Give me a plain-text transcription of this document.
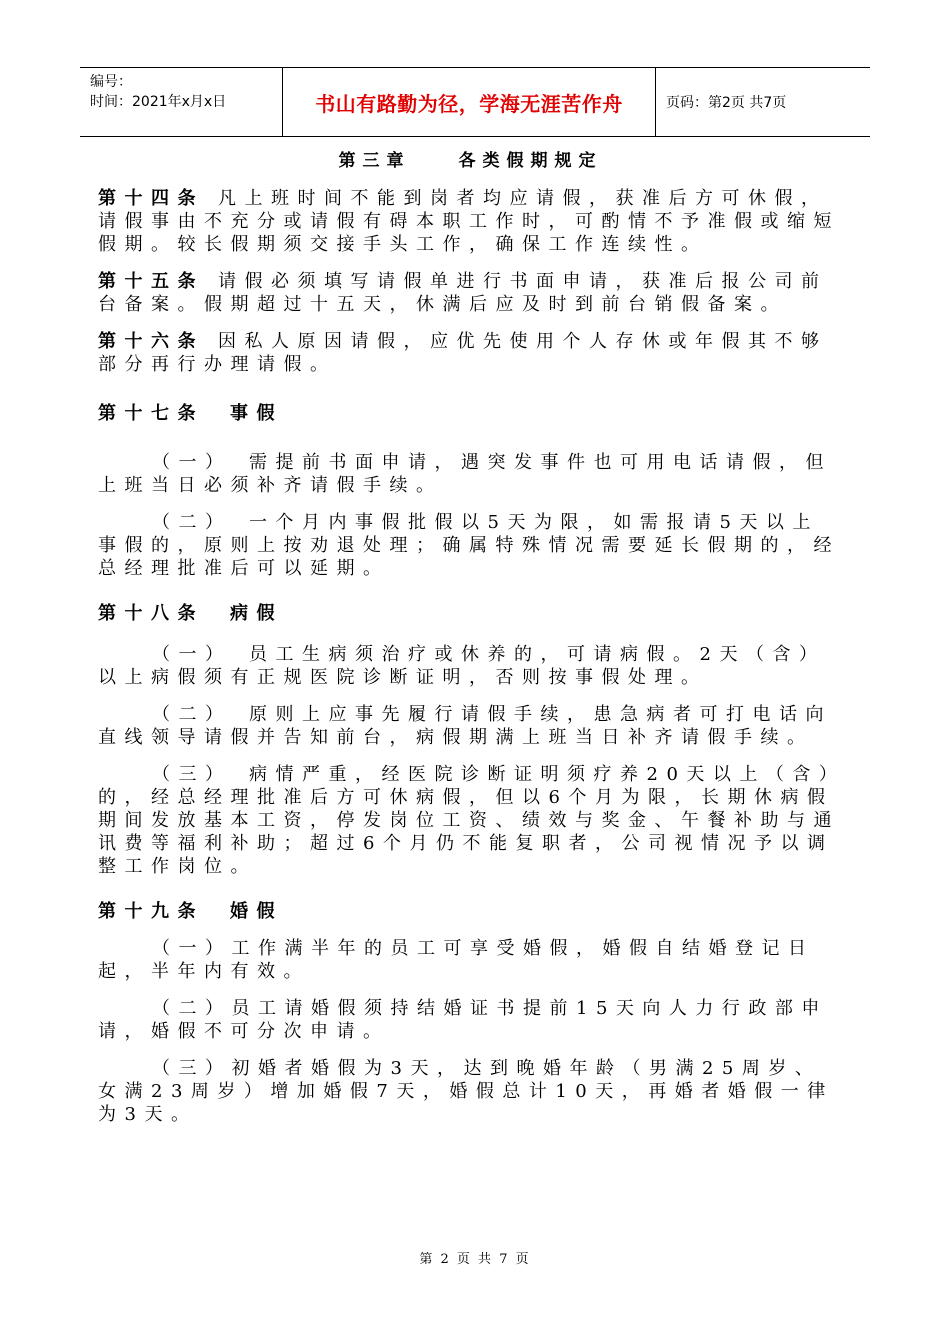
编号：
时间：2021年x月x日	书山有路勤为径，学海无涯苦作舟	页码：第2页 共7页
第三章　　各类假期规定
第十四条 凡上班时间不能到岗者均应请假，获准后方可休假，请假事由不充分或请假有碍本职工作时，可酌情不予准假或缩短假期。较长假期须交接手头工作，确保工作连续性。
第十五条 请假必须填写请假单进行书面申请，获准后报公司前台备案。假期超过十五天，休满后应及时到前台销假备案。
第十六条 因私人原因请假，应优先使用个人存休或年假其不够部分再行办理请假。
第十七条 事假
（一）　需提前书面申请，遇突发事件也可用电话请假，但上班当日必须补齐请假手续。
（二）　一个月内事假批假以5天为限，如需报请5天以上事假的，原则上按劝退处理；确属特殊情况需要延长假期的，经总经理批准后可以延期。
第十八条 病假
（一）　员工生病须治疗或休养的，可请病假。2天（含）以上病假须有正规医院诊断证明，否则按事假处理。
（二）　原则上应事先履行请假手续，患急病者可打电话向直线领导请假并告知前台，病假期满上班当日补齐请假手续。
（三）　病情严重，经医院诊断证明须疗养20天以上（含）的，经总经理批准后方可休病假，但以6个月为限，长期休病假期间发放基本工资，停发岗位工资、绩效与奖金、午餐补助与通讯费等福利补助；超过6个月仍不能复职者，公司视情况予以调整工作岗位。
第十九条 婚假
（一）工作满半年的员工可享受婚假，婚假自结婚登记日起，半年内有效。
（二）员工请婚假须持结婚证书提前15天向人力行政部申请，婚假不可分次申请。
（三）初婚者婚假为3天，达到晚婚年龄（男满25周岁、女满23周岁）增加婚假7天，婚假总计10天，再婚者婚假一律为3天。
第 2 页 共 7 页
